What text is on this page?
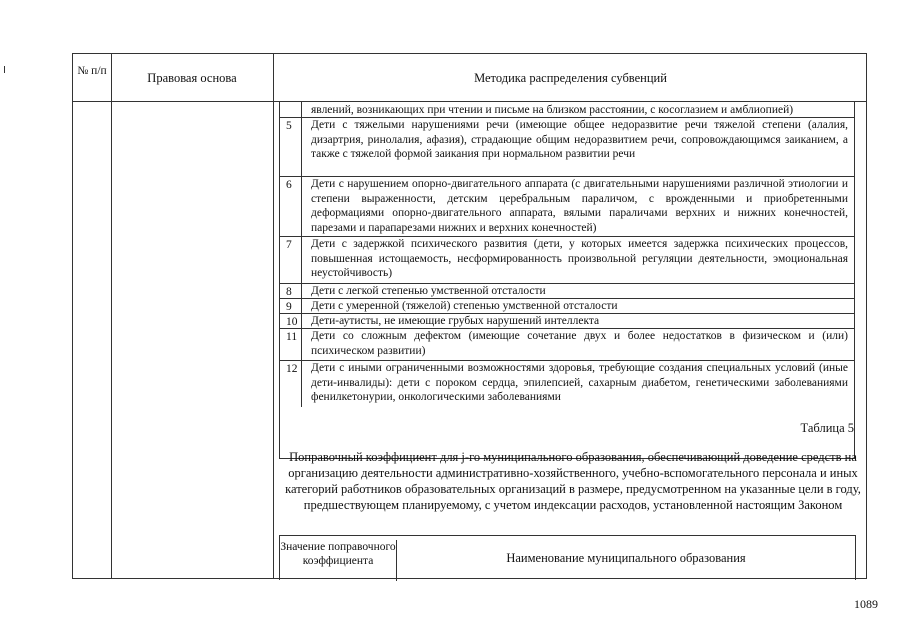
№ п/п	Правовая основа	Методика распределения субвенций
явлений, возникающих при чтении и письме на близком расстоянии, с косоглазием и амблиопией)
5	Дети с тяжелыми нарушениями речи (имеющие общее недоразвитие речи тяжелой степени (алалия, дизартрия, ринолалия, афазия), страдающие общим недоразвитием речи, сопровождающимся заиканием, а также с тяжелой формой заикания при нормальном развитии речи
6	Дети с нарушением опорно-двигательного аппарата (с двигательными нарушениями различной этиологии и степени выраженности, детским церебральным параличом, с врожденными и приобретенными деформациями опорно-двигательного аппарата, вялыми параличами верхних и нижних конечностей, парезами и парапарезами нижних и верхних конечностей)
7	Дети с задержкой психического развития (дети, у которых имеется задержка психических процессов, повышенная истощаемость, несформированность произвольной регуляции деятельности, эмоциональная неустойчивость)
8	Дети с легкой степенью умственной отсталости
9	Дети с умеренной (тяжелой) степенью умственной отсталости
10	Дети-аутисты, не имеющие грубых нарушений интеллекта
11	Дети со сложным дефектом (имеющие сочетание двух и более недостатков в физическом и (или) психическом развитии)
12	Дети с иными ограниченными возможностями здоровья, требующие создания специальных условий (иные дети-инвалиды): дети с пороком сердца, эпилепсией, сахарным диабетом, генетическими заболеваниями фенилкетонурии, онкологическими заболеваниями
Таблица 5
Поправочный коэффициент для j-го муниципального образования, обеспечивающий доведение средств на организацию деятельности административно-хозяйственного, учебно-вспомогательного персонала и иных категорий работников образовательных организаций в размере, предусмотренном на указанные цели в году, предшествующем планируемому, с учетом индексации расходов, установленной настоящим Законом
Значение поправочного коэффициента	Наименование муниципального образования
1089
